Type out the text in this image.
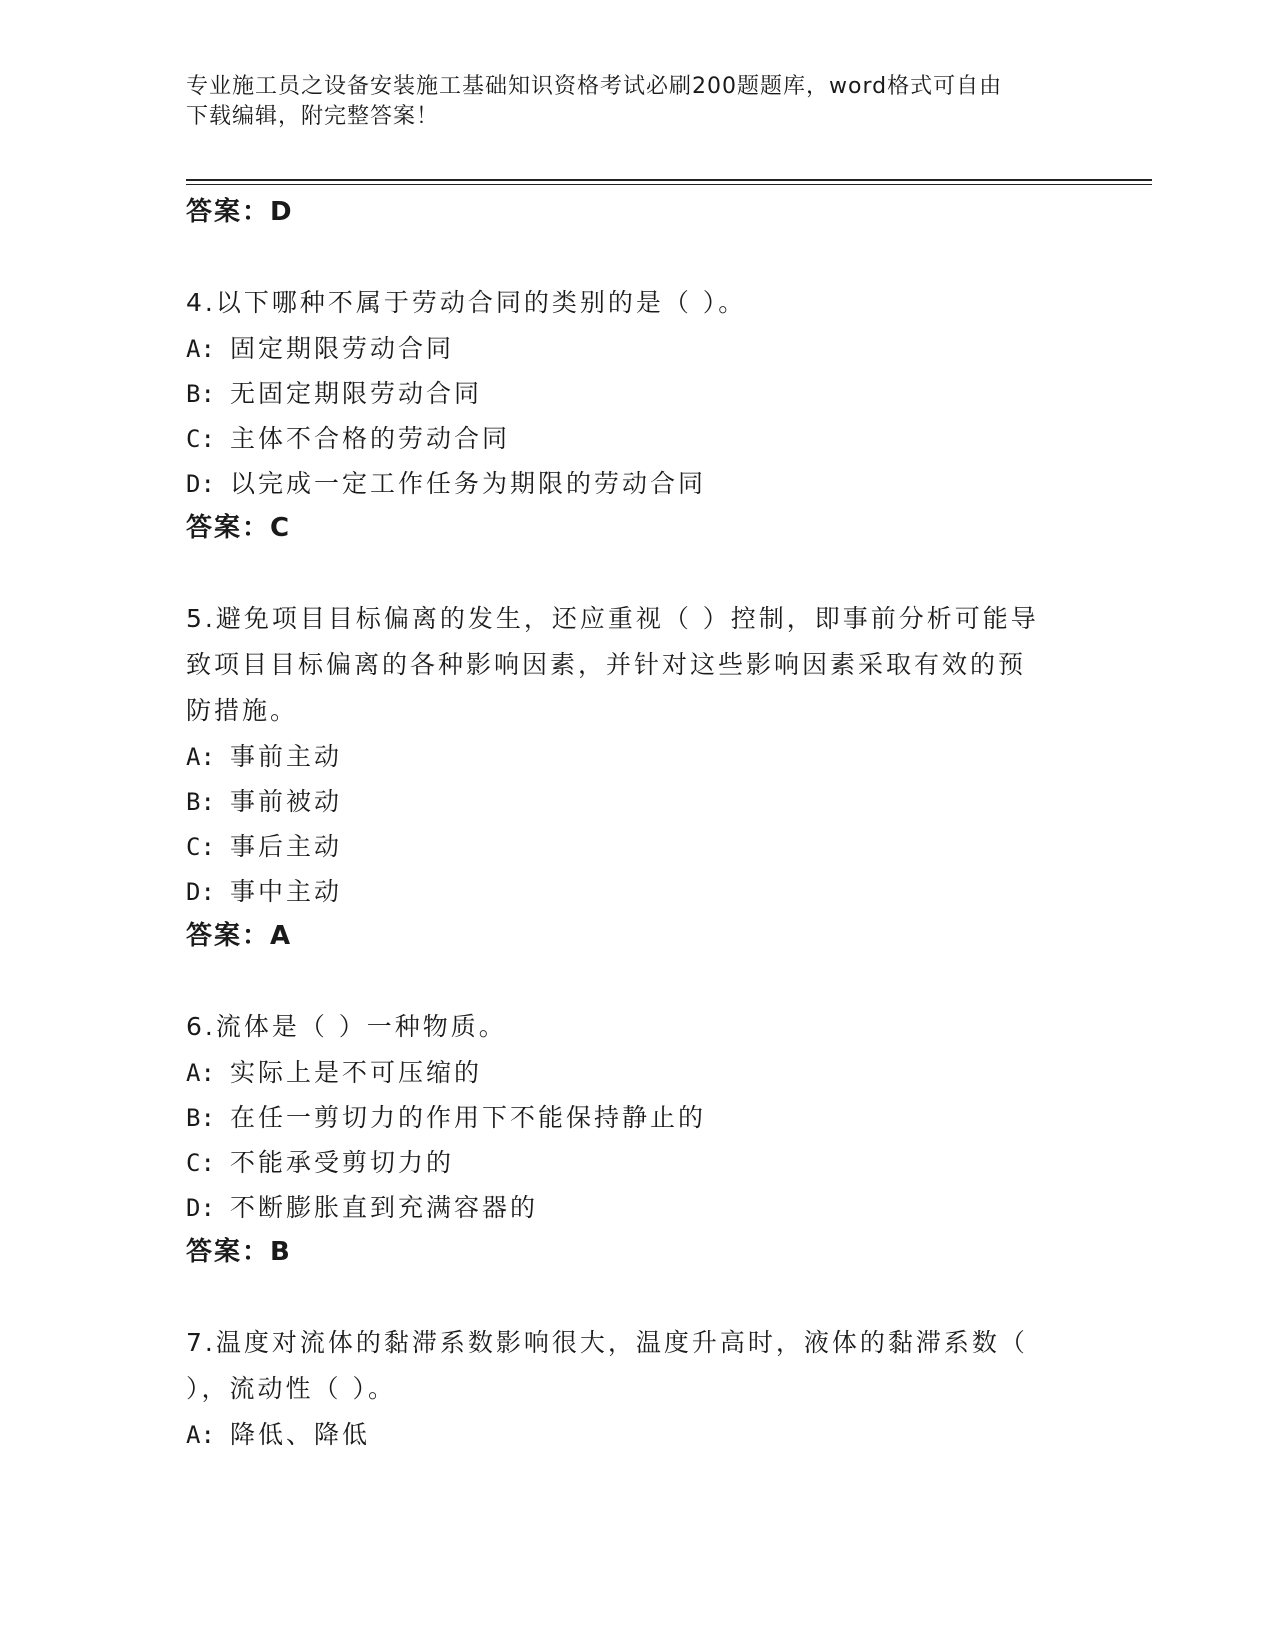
专业施工员之设备安装施工基础知识资格考试必刷200题题库，word格式可自由
下载编辑，附完整答案！

答案：D

4.以下哪种不属于劳动合同的类别的是（ ）。

A: 固定期限劳动合同

B: 无固定期限劳动合同

C: 主体不合格的劳动合同

D: 以完成一定工作任务为期限的劳动合同

答案：C

5.避免项目目标偏离的发生，还应重视（ ）控制，即事前分析可能导

致项目目标偏离的各种影响因素，并针对这些影响因素采取有效的预

防措施。

A: 事前主动

B: 事前被动

C: 事后主动

D: 事中主动

答案：A

6.流体是（ ）一种物质。

A: 实际上是不可压缩的

B: 在任一剪切力的作用下不能保持静止的

C: 不能承受剪切力的

D: 不断膨胀直到充满容器的

答案：B

7.温度对流体的黏滞系数影响很大，温度升高时，液体的黏滞系数（

），流动性（ ）。

A: 降低、降低
